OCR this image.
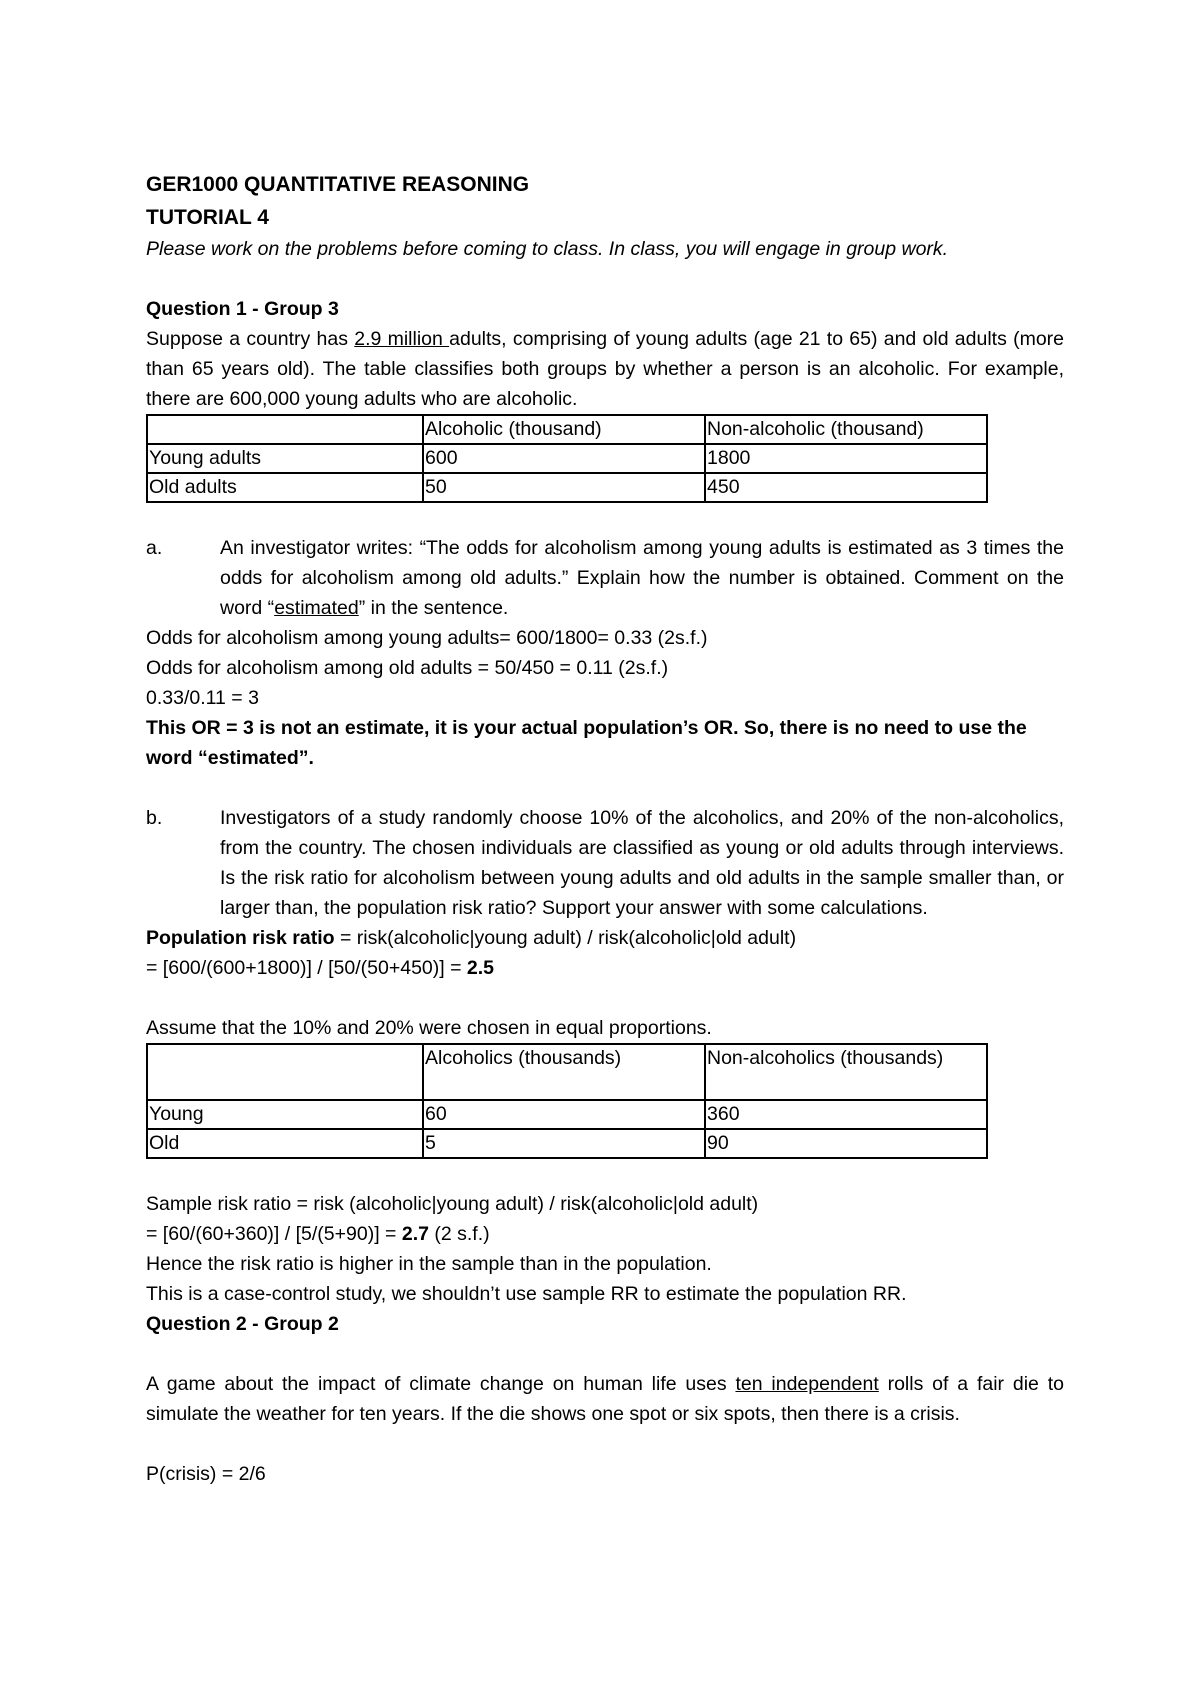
GER1000 QUANTITATIVE REASONING
TUTORIAL 4

Please work on the problems before coming to class. In class, you will engage in group work.

Question 1 - Group 3

Suppose a country has 2.9 million adults, comprising of young adults (age 21 to 65) and old adults (more than 65 years old). The table classifies both groups by whether a person is an alcoholic. For example, there are 600,000 young adults who are alcoholic.

	Alcoholic (thousand)	Non-alcoholic (thousand)
Young adults	600	1800
Old adults	50	450
a.	An investigator writes: “The odds for alcoholism among young adults is estimated as 3 times the odds for alcoholism among old adults.” Explain how the number is obtained. Comment on the word “estimated” in the sentence.

Odds for alcoholism among young adults= 600/1800= 0.33 (2s.f.)

Odds for alcoholism among old adults = 50/450 = 0.11 (2s.f.)

0.33/0.11 = 3

This OR = 3 is not an estimate, it is your actual population’s OR. So, there is no need to use the word “estimated”.

b.	Investigators of a study randomly choose 10% of the alcoholics, and 20% of the non-alcoholics, from the country. The chosen individuals are classified as young or old adults through interviews. Is the risk ratio for alcoholism between young adults and old adults in the sample smaller than, or larger than, the population risk ratio? Support your answer with some calculations.

Population risk ratio = risk(alcoholic|young adult) / risk(alcoholic|old adult)

= [600/(600+1800)] / [50/(50+450)] = 2.5

Assume that the 10% and 20% were chosen in equal proportions.

	Alcoholics (thousands)	Non-alcoholics (thousands)
Young	60	360
Old	5	90

Sample risk ratio = risk (alcoholic|young adult) / risk(alcoholic|old adult)

= [60/(60+360)] / [5/(5+90)] = 2.7 (2 s.f.)

Hence the risk ratio is higher in the sample than in the population.

This is a case-control study, we shouldn’t use sample RR to estimate the population RR.

Question 2 - Group 2

A game about the impact of climate change on human life uses ten independent rolls of a fair die to simulate the weather for ten years. If the die shows one spot or six spots, then there is a crisis.

P(crisis) = 2/6
